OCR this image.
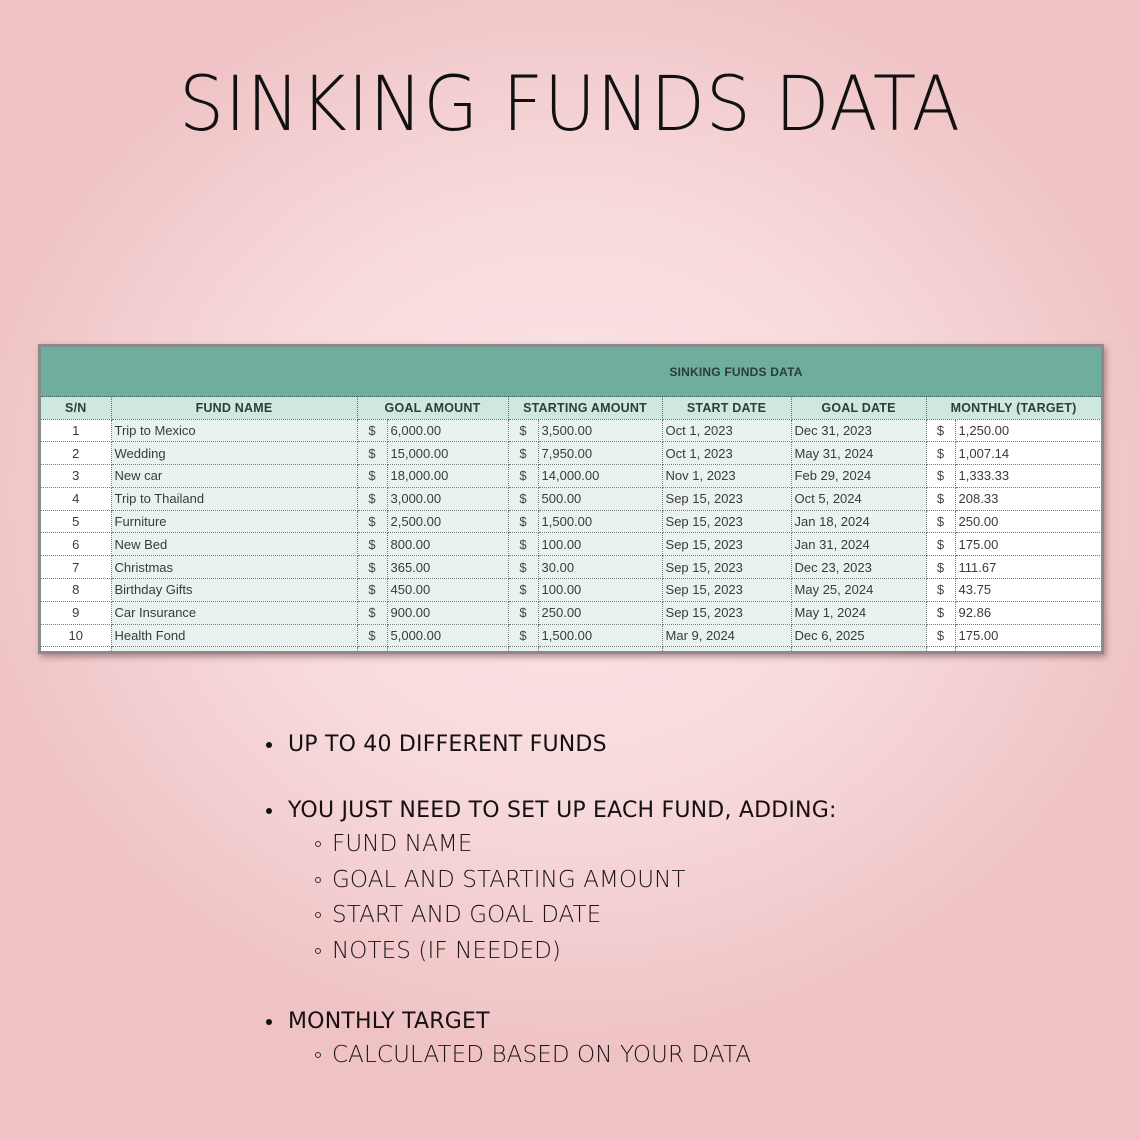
SINKING FUNDS DATA
SINKING FUNDS DATA
S/N	FUND NAME	GOAL AMOUNT		STARTING AMOUNT		START DATE	GOAL DATE	MONTHLY (TARGET)	
1	Trip to Mexico	$	6,000.00	$	3,500.00	Oct 1, 2023	Dec 31, 2023	$	1,250.00
2	Wedding	$	15,000.00	$	7,950.00	Oct 1, 2023	May 31, 2024	$	1,007.14
3	New car	$	18,000.00	$	14,000.00	Nov 1, 2023	Feb 29, 2024	$	1,333.33
4	Trip to Thailand	$	3,000.00	$	500.00	Sep 15, 2023	Oct 5, 2024	$	208.33
5	Furniture	$	2,500.00	$	1,500.00	Sep 15, 2023	Jan 18, 2024	$	250.00
6	New Bed	$	800.00	$	100.00	Sep 15, 2023	Jan 31, 2024	$	175.00
7	Christmas	$	365.00	$	30.00	Sep 15, 2023	Dec 23, 2023	$	111.67
8	Birthday Gifts	$	450.00	$	100.00	Sep 15, 2023	May 25, 2024	$	43.75
9	Car Insurance	$	900.00	$	250.00	Sep 15, 2023	May 1, 2024	$	92.86
10	Health Fond	$	5,000.00	$	1,500.00	Mar 9, 2024	Dec 6, 2025	$	175.00

UP TO 40 DIFFERENT FUNDS
YOU JUST NEED TO SET UP EACH FUND, ADDING:
FUND NAME
GOAL AND STARTING AMOUNT
START AND GOAL DATE
NOTES (IF NEEDED)
MONTHLY TARGET
CALCULATED BASED ON YOUR DATA
